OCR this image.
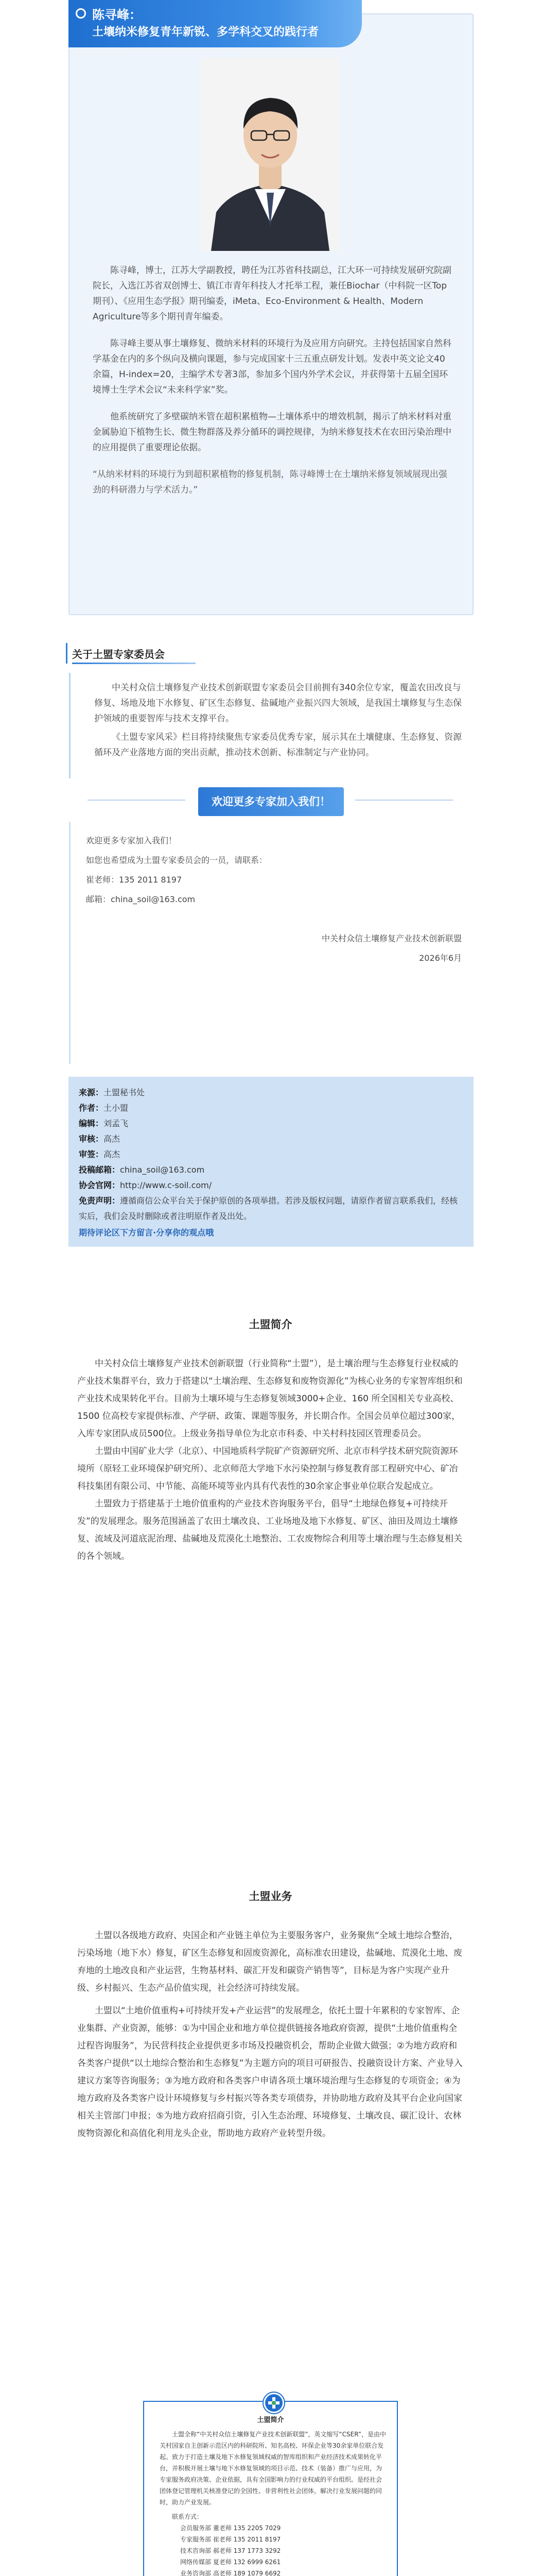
陈寻峰：
土壤纳米修复青年新锐、多学科交叉的践行者

陈寻峰，博士，江苏大学副教授，聘任为江苏省科技副总，江大环一可持续发展研究院副院长，入选江苏省双创博士、镇江市青年科技人才托举工程，兼任Biochar（中科院一区Top期刊）、《应用生态学报》期刊编委，iMeta、Eco-Environment & Health、Modern Agriculture等多个期刊青年编委。

陈寻峰主要从事土壤修复、微纳米材料的环境行为及应用方向研究。主持包括国家自然科学基金在内的多个纵向及横向课题，参与完成国家十三五重点研发计划。发表中英文论文40余篇，H-index=20，主编学术专著3部，参加多个国内外学术会议，并获得第十五届全国环境博士生学术会议“未来科学家”奖。

他系统研究了多壁碳纳米管在超积累植物—土壤体系中的增效机制，揭示了纳米材料对重金属胁迫下植物生长、微生物群落及养分循环的调控规律，为纳米修复技术在农田污染治理中的应用提供了重要理论依据。

“从纳米材料的环境行为到超积累植物的修复机制，陈寻峰博士在土壤纳米修复领域展现出强劲的科研潜力与学术活力。”

关于土盟专家委员会

中关村众信土壤修复产业技术创新联盟专家委员会目前拥有340余位专家，覆盖农田改良与修复、场地及地下水修复、矿区生态修复、盐碱地产业振兴四大领域，是我国土壤修复与生态保护领域的重要智库与技术支撑平台。

《土盟专家风采》栏目将持续聚焦专家委员优秀专家，展示其在土壤健康、生态修复、资源循环及产业落地方面的突出贡献，推动技术创新、标准制定与产业协同。

欢迎更多专家加入我们！

欢迎更多专家加入我们！

如您也希望成为土盟专家委员会的一员，请联系：

崔老师：135 2011 8197

邮箱：china_soil@163.com

中关村众信土壤修复产业技术创新联盟

2026年6月

来源：土盟秘书处
作者：土小盟
编辑：刘孟飞
审核：高杰
审签：高杰
投稿邮箱：china_soil@163.com
协会官网：http://www.c-soil.com/
免责声明：遵循商信公众平台关于保护原创的各项举措。若涉及版权问题，请原作者留言联系我们，经核实后，我们会及时删除或者注明原作者及出处。
期待评论区下方留言·分享你的观点哦
土盟简介

中关村众信土壤修复产业技术创新联盟（行业简称“土盟”），是土壤治理与生态修复行业权威的产业技术集群平台，致力于搭建以“土壤治理、生态修复和废物资源化”为核心业务的专家智库组织和产业技术成果转化平台。目前为土壤环境与生态修复领域3000+企业、160 所全国相关专业高校、1500 位高校专家提供标准、产学研、政策、课题等服务，并长期合作。全国会员单位超过300家，入库专家团队成员500位。上级业务指导单位为北京市科委、中关村科技园区管理委员会。

土盟由中国矿业大学（北京）、中国地质科学院矿产资源研究所、北京市科学技术研究院资源环境所（原轻工业环境保护研究所）、北京师范大学地下水污染控制与修复教育部工程研究中心、矿冶科技集团有限公司、中节能、高能环境等业内具有代表性的30余家企事业单位联合发起成立。

土盟致力于搭建基于土地价值重构的产业技术咨询服务平台，倡导“土地绿色修复+可持续开发”的发展理念。服务范围涵盖了农田土壤改良、工业场地及地下水修复、矿区、油田及周边土壤修复、流域及河道底泥治理、盐碱地及荒漠化土地整治、工农废物综合利用等土壤治理与生态修复相关的各个领域。

土盟业务

土盟以各级地方政府、央国企和产业链主单位为主要服务客户，业务聚焦“全域土地综合整治，污染场地（地下水）修复，矿区生态修复和固废资源化，高标准农田建设，盐碱地、荒漠化土地、废弃地的土地改良和产业运营，生物基材料、碳汇开发和碳资产销售等”，目标是为客户实现产业升级、乡村振兴、生态产品价值实现，社会经济可持续发展。

土盟以“土地价值重构+可持续开发+产业运营”的发展理念，依托土盟十年累积的专家智库、企业集群、产业资源，能够：①为中国企业和地方单位提供链接各地政府资源，提供“土地价值重构全过程咨询服务”，为民营科技企业提供更多市场及投融资机会，帮助企业做大做强；②为地方政府和各类客户提供“以土地综合整治和生态修复”为主题方向的项目可研报告、投融资设计方案、产业导入建议方案等咨询服务；③为地方政府和各类客户申请各项土壤环境治理与生态修复的专项资金；④为地方政府及各类客户设计环境修复与乡村振兴等各类专项债券，并协助地方政府及其平台企业向国家相关主管部门申报；⑤为地方政府招商引资，引入生态治理、环境修复、土壤改良、碳汇设计、农林废物资源化和高值化利用龙头企业，帮助地方政府产业转型升级。

土盟简介

土盟全称“中关村众信土壤修复产业技术创新联盟”，英文缩写“CSER”，是由中关村国家自主创新示范区内的科研院所、知名高校、环保企业等30余家单位联合发起。致力于打造土壤及地下水修复领域权威的智库组织和产业经济技术成果转化平台，并积极开展土壤与地下水修复领域的项目示范、技术（装备）推广与应用，为专家服务政府决策、企业依据，具有全国影响力的行业权威的平台组织。是经社会团体登记管理机关核准登记的全国性、非营利性社会团体，解决行业发展问题的同时，助力产业发展。

联系方式：
会员服务部 董老师 135 2205 7029
专家服务部 崔老师 135 2011 8197
技术咨询部 郝老师 137 1773 3292
网络传媒部 夏老师 132 6999 6261
业务咨询部 高老师 189 1079 6692
